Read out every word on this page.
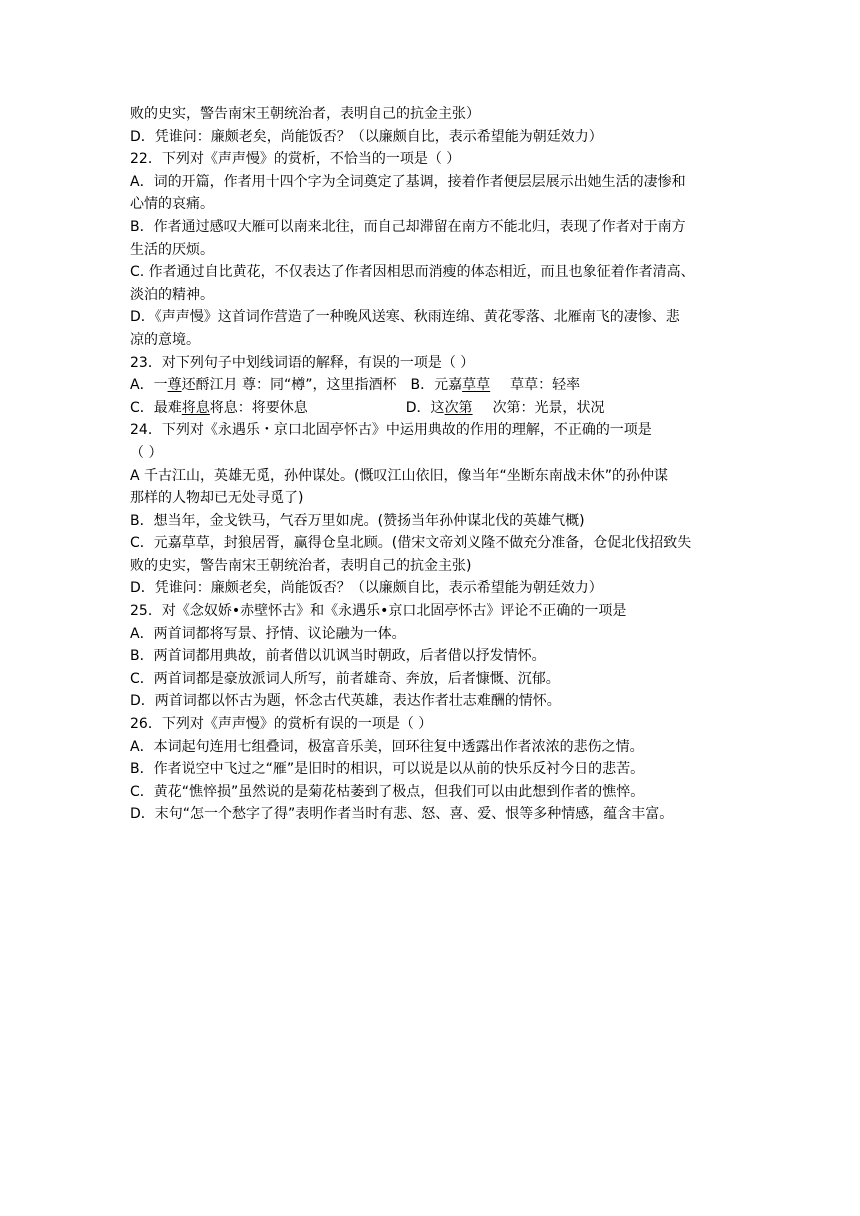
败的史实，警告南宋王朝统治者，表明自己的抗金主张）
D．凭谁问：廉颇老矣，尚能饭否？（以廉颇自比，表示希望能为朝廷效力）
22．下列对《声声慢》的赏析，不恰当的一项是（ ）
A．词的开篇，作者用十四个字为全词奠定了基调，接着作者便层层展示出她生活的凄惨和
心情的哀痛。
B．作者通过感叹大雁可以南来北往，而自己却滞留在南方不能北归，表现了作者对于南方
生活的厌烦。
C. 作者通过自比黄花，不仅表达了作者因相思而消瘦的体态相近，而且也象征着作者清高、
淡泊的精神。
D．《声声慢》这首词作营造了一种晚风送寒、秋雨连绵、黄花零落、北雁南飞的凄惨、悲
凉的意境。
23．对下列句子中划线词语的解释，有误的一项是（ ）
A．一尊还酹江月 尊：同“樽”，这里指酒杯 B．元嘉草草 草草：轻率
C．最难将息将息：将要休息	D．这次第 次第：光景，状况
24．下列对《永遇乐・京口北固亭怀古》中运用典故的作用的理解，不正确的一项是
（ ）
A 千古江山，英雄无觅，孙仲谋处。(慨叹江山依旧，像当年“坐断东南战未休”的孙仲谋
那样的人物却已无处寻觅了)
B．想当年，金戈铁马，气吞万里如虎。(赞扬当年孙仲谋北伐的英雄气概)
C．元嘉草草，封狼居胥，赢得仓皇北顾。(借宋文帝刘义隆不做充分准备，仓促北伐招致失
败的史实，警告南宋王朝统治者，表明自己的抗金主张)
D．凭谁问：廉颇老矣，尚能饭否？（以廉颇自比，表示希望能为朝廷效力）
25．对《念奴娇•赤壁怀古》和《永遇乐•京口北固亭怀古》评论不正确的一项是
A．两首词都将写景、抒情、议论融为一体。
B．两首词都用典故，前者借以讥讽当时朝政，后者借以抒发情怀。
C．两首词都是豪放派词人所写，前者雄奇、奔放，后者慷慨、沉郁。
D．两首词都以怀古为题，怀念古代英雄，表达作者壮志难酬的情怀。
26．下列对《声声慢》的赏析有误的一项是（ ）
A．本词起句连用七组叠词，极富音乐美，回环往复中透露出作者浓浓的悲伤之情。
B．作者说空中飞过之“雁”是旧时的相识，可以说是以从前的快乐反衬今日的悲苦。
C．黄花“憔悴损”虽然说的是菊花枯萎到了极点，但我们可以由此想到作者的憔悴。
D．末句“怎一个愁字了得”表明作者当时有悲、怒、喜、爱、恨等多种情感，蕴含丰富。
